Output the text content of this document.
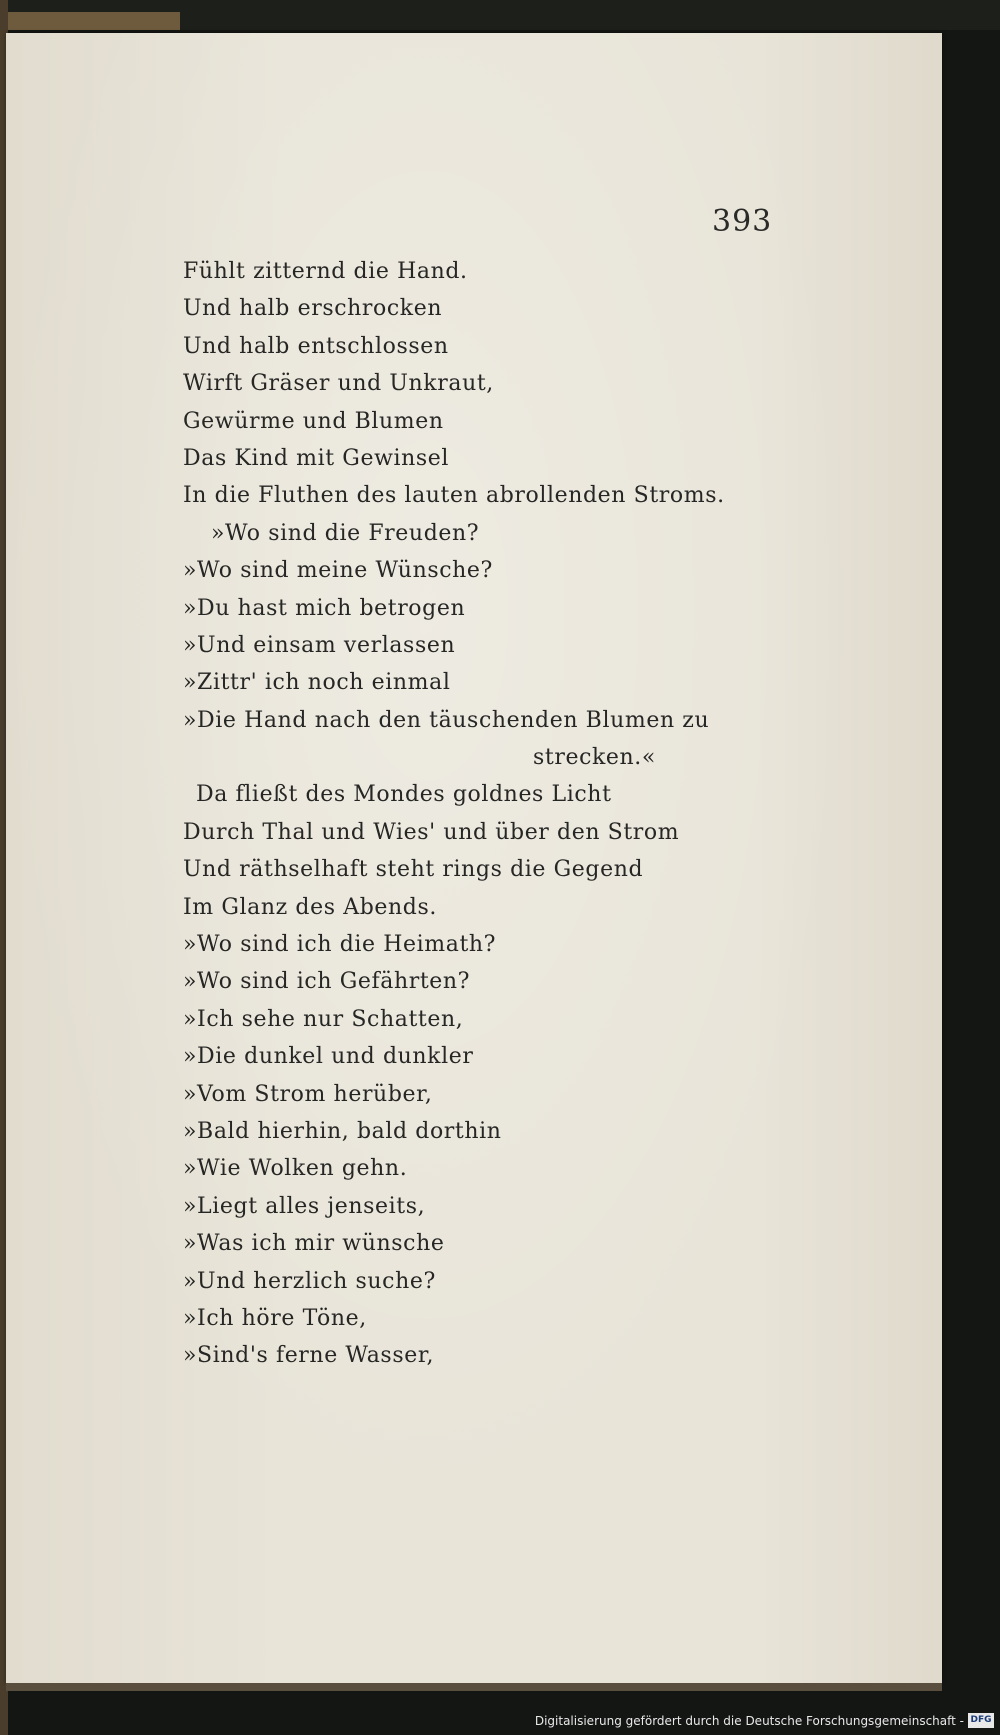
393
Fühlt zitternd die Hand.
Und halb erschrocken
Und halb entschlossen
Wirft Gräser und Unkraut,
Gewürme und Blumen
Das Kind mit Gewinsel
In die Fluthen des lauten abrollenden Stroms.
»Wo sind die Freuden?
»Wo sind meine Wünsche?
»Du hast mich betrogen
»Und einsam verlassen
»Zittr' ich noch einmal
»Die Hand nach den täuschenden Blumen zu
strecken.«
Da fließt des Mondes goldnes Licht
Durch Thal und Wies' und über den Strom
Und räthselhaft steht rings die Gegend
Im Glanz des Abends.
»Wo sind ich die Heimath?
»Wo sind ich Gefährten?
»Ich sehe nur Schatten,
»Die dunkel und dunkler
»Vom Strom herüber,
»Bald hierhin, bald dorthin
»Wie Wolken gehn.
»Liegt alles jenseits,
»Was ich mir wünsche
»Und herzlich suche?
»Ich höre Töne,
»Sind's ferne Wasser,
Digitalisierung gefördert durch die Deutsche Forschungsgemeinschaft - DFG
